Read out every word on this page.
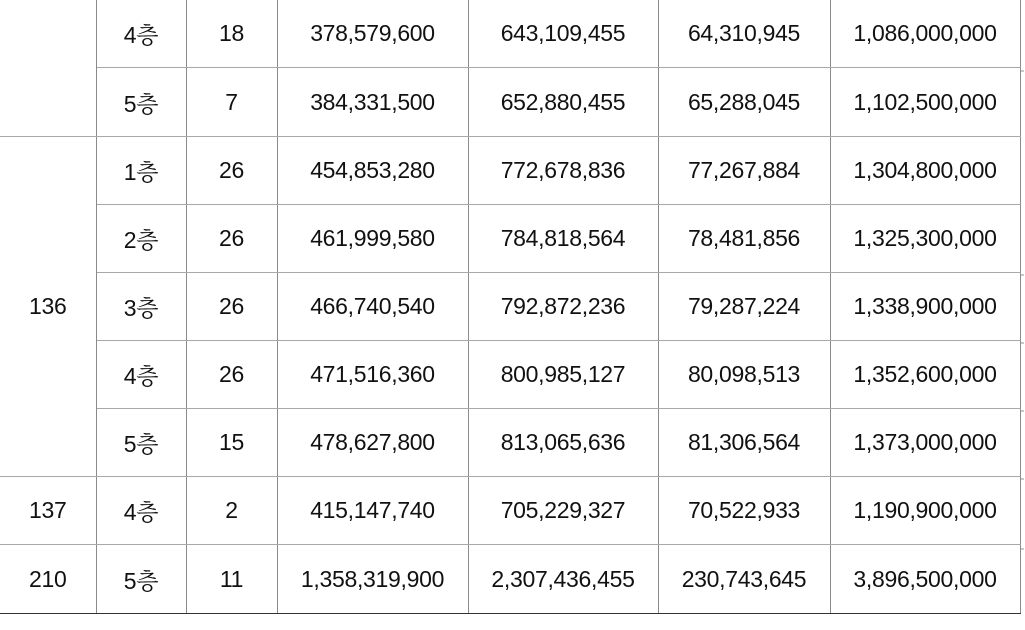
	4층	18	378,579,600	643,109,455	64,310,945	1,086,000,000
	5층	7	384,331,500	652,880,455	65,288,045	1,102,500,000
136	1층	26	454,853,280	772,678,836	77,267,884	1,304,800,000
	2층	26	461,999,580	784,818,564	78,481,856	1,325,300,000
	3층	26	466,740,540	792,872,236	79,287,224	1,338,900,000
	4층	26	471,516,360	800,985,127	80,098,513	1,352,600,000
	5층	15	478,627,800	813,065,636	81,306,564	1,373,000,000
137	4층	2	415,147,740	705,229,327	70,522,933	1,190,900,000
210	5층	11	1,358,319,900	2,307,436,455	230,743,645	3,896,500,000
